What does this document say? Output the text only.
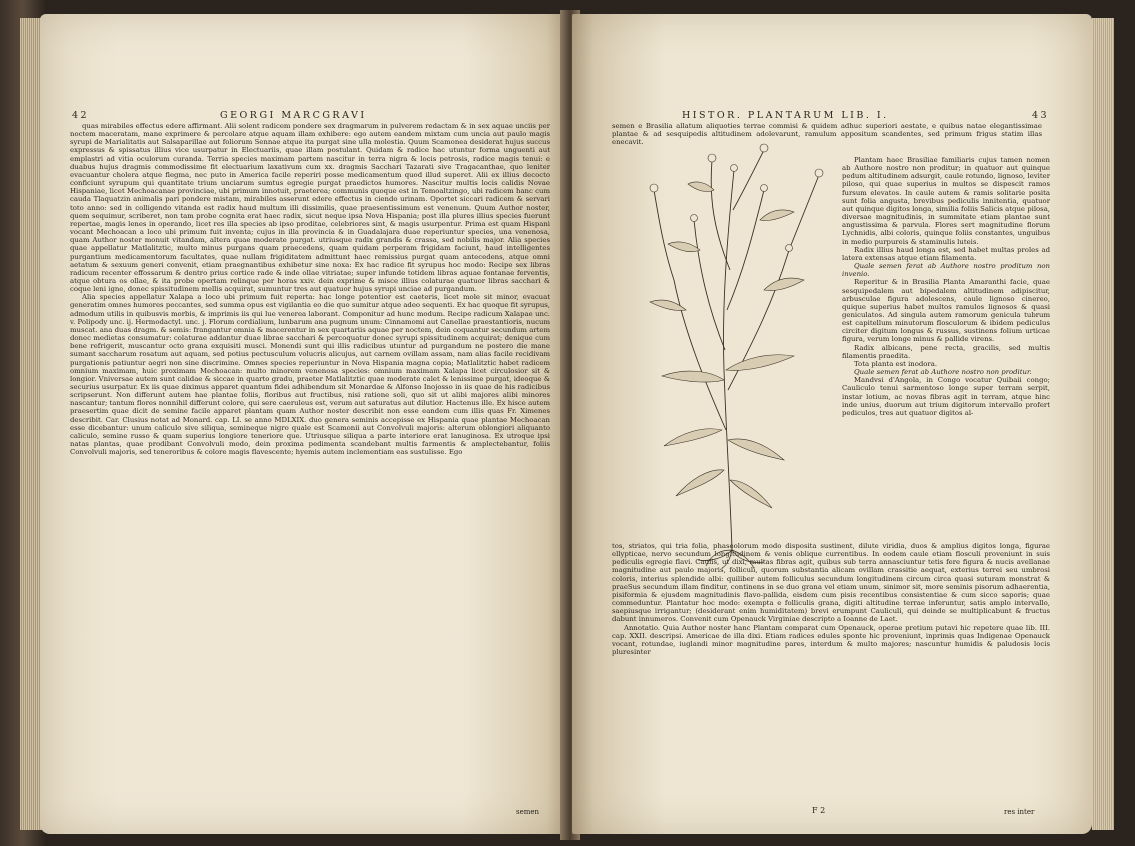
42	GEORGI MARCGRAVI

quas mirabiles effectus edere affirmant. Alii solent radicem pondere sex dragmarum in pulverem redactam & in sex aquae unciis per noctem maceratam, mane exprimere & percolare atque aquam illam exhibere: ego autem eandem mixtam cum uncia aut paulo magis syrupi de Marialitatis aut Salsaparillae aut foliorum Sennae atque ita purgat sine ulla molestia. Quum Scamonea desiderat hujus succus expressus & spissatus illius vice usurpatur in Electuariis, quae illam postulant. Quidam & radice hac utuntur forma unguenti aut emplastri ad vitia oculorum curanda. Terria species maximam partem nascitur in terra nigra & locis petrosis, radice magis tenui: e duabus hujus dragmis commodissime fit electuarium laxativum cum xx. dragmis Sacchari Tazarati sive Tragacanthae, quo leniter evacuantur cholera atque flegma, nec puto in America facile reperiri posse medicamentum quod illud superet. Alii ex illius decocto conficiunt syrupum qui quantitate trium unciarum sumtus egregie purgat praedictos humores. Nascitur multis locis calidis Novae Hispaniae, licet Mechoacanae provinciae, ubi primum innotuit, praeterea; communis quoque est in Temoaltzingo, ubi radicem hanc cum cauda Tlaquatzin animalis pari pondere mistam, mirabiles asserunt edere effectus in ciendo urinam. Oportet siccari radicem & servari toto anno: sed in colligendo vitanda est radix haud multum illi dissimilis, quae praesentissimum est venenum. Quum Author noster, quem sequimur, scriberet, non tam probe cognita erat haec radix, sicut neque ipsa Nova Hispania; post illa plures illius species fuerunt repertae, magis lenes in operando, licet res illa species ab ipso proditae, celebriores sint, & magis usurpentur. Prima est quam Hispani vocant Mechoacan a loco ubi primum fuit inventa; cujus in illa provincia & in Guadalajara duae reperiuntur species, una venenosa, quam Author noster monuit vitandam, altera quae moderate purgat. utriusque radix grandis & crassa, sed nobilis major. Alia species quae appellatur Matlalitztic, multo minus purgans quam praecedens, quam quidam perperam frigidam faciunt, haud intelligentes purgantium medicamentorum facultates, quae nullam frigiditatem admittunt haec remissius purgat quam antecedens, atque omni aetatum & sexuum generi convenit, etiam praegnantibus exhibetur sine noxa: Ex hac radice fit syrupus hoc modo: Recipe sex libras radicum recenter effossarum & dentro prius cortice rade & inde ollae vitriatae; super infunde totidem libras aquae fontanae ferventis, atque obtura os ollae, & ita probe opertam relinque per horas xxiv. dein exprime & misce illius colaturae quatuor libras sacchari & coque leni igne, donec spissitudinem mellis acquirat, sumuntur tres aut quatuor hujus syrupi unciae ad purgandum.

Alia species appellatur Xalapa a loco ubi primum fuit reperta: hac longe potentior est caeteris, licet mole sit minor, evacuat generatim omnes humores peccantes, sed summa opus est vigilantia eo die quo sumitur atque adeo sequenti. Ex hac quoque fit syrupus, admodum utilis in quibusvis morbis, & imprimis iis qui lue venerea laborant. Componitur ad hunc modum. Recipe radicum Xalapae unc. v. Polipody unc. ij. Hermodactyl. unc. j. Florum cordialium, lunbarum ana pugnum unum: Cinnamomi aut Canellae praestantioris, nucum muscat. ana duas dragm. & semis: frangantur omnia & macerentur in sex quartariis aquae per noctem, dein coquantur secundum artem donec medietas consumatur: colaturae addantur duae librae sacchari & percoquatur donec syrupi spissitudinem acquirat; denique cum bene refrigerit, muscantur octo grana exquisiti musci. Monendi sunt qui illis radicibus utuntur ad purgandum ne postero die mane sumant saccharum rosatum aut aquam, sed potius pectusculum volucris alicujus, aut carnem ovillam assam, nam alias facile recidivam purgationis patiuntur aegri non sine discrimine. Omnes species reperiuntur in Nova Hispania magna copia; Matlalitztic habet radicem omnium maximam, huic proximam Mechoacan: multo minorem venenosa species: omnium maximam Xalapa licet circulosior sit & longior. Vniversae autem sunt calidae & siccae in quarto gradu, praeter Matlalitztic quae moderate calet & lenissime purgat, ideoque & securius usurpatur. Ex iis quae diximus apparet quantum fidei adhibendum sit Monardae & Alfonso Inojosso in iis quae de his radicibus scripserunt. Non differunt autem hae plantae foliis, floribus aut fructibus, nisi ratione soli, quo sit ut alibi majores alibi minores nascantur; tantum flores nonnihil differunt colore, qui sere caeruleus est, verum aut saturatus aut dilutior. Hactenus ille. Ex hisce autem praesertim quae dicit de semine facile apparet plantam quam Author noster describit non esse eandem cum illis quas Fr. Ximenes describit. Car. Clusius notat ad Monard. cap. LI. se anno MDLXIX. duo genera seminis accepisse ex Hispania quae plantae Mechoacan esse dicebantur: unum caliculo sive siliqua, semineque nigro quale est Scamonii aut Convolvuli majoris: alterum oblongiori aliquanto caliculo, semine russo & quam superius longiore teneriore que. Utriusque siliqua a parte interiore erat lanuginosa. Ex utroque ipsi natas plantas, quae prodibant Convolvuli modo, dein proxima pedimenta scandebant multis farmentis & amplectebantur, foliis Convolvuli majoris, sed teneroribus & colore magis flavescente; hyemis autem inclementiam eas sustulisse. Ego

semen
HISTOR. PLANTARUM LIB. I.	43

semen e Brasilia allatum aliquoties terrae commisi & quidem adhuc superiori aestate, e quibus natae elegantissimae plantae & ad sesquipedis altitudinem adolevarunt, ramulum appositum scandentes, sed primum frigus statim illas enecavit.

Plantam haec Brasiliae familiaris cujus tamen nomen ab Authore nostro non proditur; in quatuor aut quinque pedum altitudinem adsurgit, caule rotundo, lignoso, leviter piloso, qui quae superius in multos se dispescit ramos fursum elevatos. In caule autem & ramis solitarie posita sunt folia angusta, brevibus pediculis innitentia, quatuor aut quinque digitos longa, similia foliis Salicis atque pilosa, diversae magnitudinis, in summitate etiam plantae sunt angustissima & parvula. Flores sert magnitudine florum Lychnidis, albi coloris, quinque foliis constantes, unguibus in medio purpureis & staminulis luteis.

Radix illius haud longa est, sed habet multas proles ad latera extensas atque etiam filamenta.

Quale semen ferat ab Authore nostro proditum non invenio.

Reperitur & in Brasilia Planta Amaranthi facie, quae sesquipedalem aut bipedalem altitudinem adipiscitur, arbusculae figura adolescens, caule lignoso cinereo, quique superius habet multos ramulos lignosos & quasi geniculatos. Ad singula autem ramorum genicula tubrum est capitellum minutorum flosculorum & ibidem pediculus circiter digitum longus & russus, sustinens folium urticae figura, verum longe minus & pallide virens.

Radix albicans, pene recta, gracilis, sed multis filamentis praedita.

Tota planta est inodora.

Quale semen ferat ab Authore nostro non proditur.

Mandvsi d'Angola, in Congo vocatur Quibaii congo; Cauliculo tenui sarmentoso longe super terram serpit, instar lotium, ac novas fibras agit in terram, atque hinc inde unius, duorum aut trium digitorum intervallo profert pediculos, tres aut quatuor digitos al-

tos, striatos, qui tria folia, phaseolorum modo disposita sustinent, dilute viridia, duos & amplius digitos longa, figurae ellypticae, nervo secundum longitudinem & venis oblique currentibus. In eodem caule etiam flosculi proveniunt in suis pediculis egregie flavi. Caulis, ut dixi, multas fibras agit, quibus sub terra annasciuntur tetis fere figura & nucis avellanae magnitudine aut paulo majoris, folliculi, quorum substantia alicam ovillam crassitie aequat, exterius terrei seu umbrosi coloris, interius splendide albi: quiliber autem folliculus secundum longitudinem circum circa quasi suturam monstrat & praeSus secundum illam finditur, continens in se duo grana vel etiam unum, sinimor sit, more seminis pisorum adhaerentia, pisiformia & ejusdem magnitudinis flavo-pallida, eisdem cum pisis recentibus consistentiae & cum sicco saporis; quae commeduntur. Plantatur hoc modo: exempta e folliculis grana, digiti altitudine terrae inferuntur, satis amplo intervallo, saepiusque irrigantur; (desiderant enim humiditatem) brevi erumpunt Cauliculi, qui deinde se multiplicabunt & fructus dabunt innumeros. Convenit cum Openauck Virginiae descripto a Ioanne de Laet.

Annotatio. Quia Author noster hanc Plantam comparat cum Openauck, operae pretium putavi hic repetere quae lib. III. cap. XXII. descripsi. Americae de illa dixi. Etiam radices edules sponte hic proveniunt, inprimis quas Indigenae Openauck vocant, rotundae, iuglandi minor magnitudine pares, interdum & multo majores; nascuntur humidis & paludosis locis pluresinter

F 2	res inter
